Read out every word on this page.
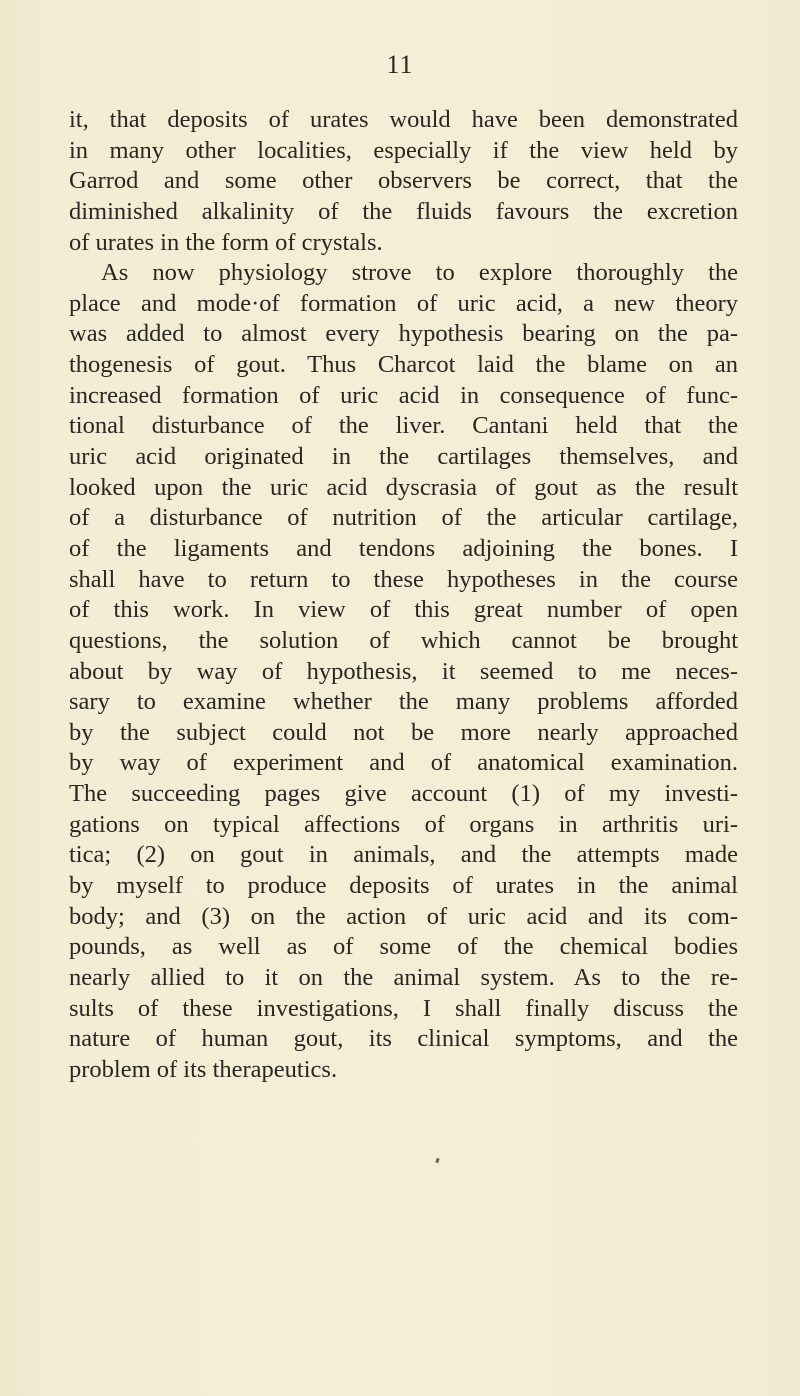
11
it, that deposits of urates would have been demonstrated
in many other localities, especially if the view held by
Garrod and some other observers be correct, that the
diminished alkalinity of the fluids favours the excretion
of urates in the form of crystals.
As now physiology strove to explore thoroughly the
place and mode·of formation of uric acid, a new theory
was added to almost every hypothesis bearing on the pa-
thogenesis of gout. Thus Charcot laid the blame on an
increased formation of uric acid in consequence of func-
tional disturbance of the liver. Cantani held that the
uric acid originated in the cartilages themselves, and
looked upon the uric acid dyscrasia of gout as the result
of a disturbance of nutrition of the articular cartilage,
of the ligaments and tendons adjoining the bones. I
shall have to return to these hypotheses in the course
of this work. In view of this great number of open
questions, the solution of which cannot be brought
about by way of hypothesis, it seemed to me neces-
sary to examine whether the many problems afforded
by the subject could not be more nearly approached
by way of experiment and of anatomical examination.
The succeeding pages give account (1) of my investi-
gations on typical affections of organs in arthritis uri-
tica; (2) on gout in animals, and the attempts made
by myself to produce deposits of urates in the animal
body; and (3) on the action of uric acid and its com-
pounds, as well as of some of the chemical bodies
nearly allied to it on the animal system. As to the re-
sults of these investigations, I shall finally discuss the
nature of human gout, its clinical symptoms, and the
problem of its therapeutics.
